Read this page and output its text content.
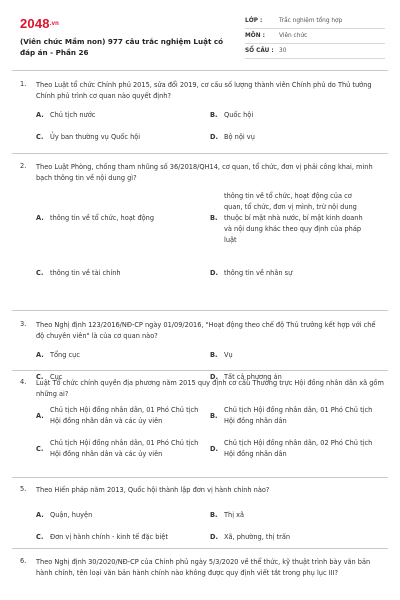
2048.vn
(Viên chức Mầm non) 977 câu trắc nghiệm Luật có đáp án - Phần 26
LỚP :	Trắc nghiệm tổng hợp
MÔN :	Viên chức
SỐ CÂU : 30
1. Theo Luật tổ chức Chính phủ 2015, sửa đổi 2019, cơ cấu số lượng thành viên Chính phủ do Thủ tướng Chính phủ trình cơ quan nào quyết định?
A. Chủ tịch nước	B. Quốc hội
C.	Ủy ban thường vụ Quốc hội	D. Bộ nội vụ
2. Theo Luật Phòng, chống tham nhũng số 36/2018/QH14, cơ quan, tổ chức, đơn vị phải công khai, minh bạch thông tin về nội dung gì?
A. thông tin về tổ chức, hoạt động	B.
thông tin về tổ chức, hoạt động của cơ quan, tổ chức, đơn vị mình, trừ nội dung thuộc bí mật nhà nước, bí mật kinh doanh và nội dung khác theo quy định của pháp luật
C.	thông tin về tài chính	D. thông tin về nhân sự
3. Theo Nghị định 123/2016/NĐ-CP ngày 01/09/2016, "Hoạt động theo chế độ Thủ trưởng kết hợp với chế độ chuyên viên" là của cơ quan nào?
A. Tổng cục	B. Vụ
C.	Cục	D. Tất cả phương án
4. Luật Tổ chức chính quyền địa phương năm 2015 quy định cơ cấu Thường trực Hội đồng nhân dân xã gồm những ai?
A.
Chủ tịch Hội đồng nhân dân, 01 Phó Chủ tịch Hội đồng nhân dân và các ủy viên
B.
Chủ tịch Hội đồng nhân dân, 01 Phó Chủ tịch Hội đồng nhân dân
C.
Chủ tịch Hội đồng nhân dân, 01 Phó Chủ tịch Hội đồng nhân dân và các ủy viên
D.
Chủ tịch Hội đồng nhân dân, 02 Phó Chủ tịch Hội đồng nhân dân
5. Theo Hiến pháp năm 2013, Quốc hội thành lập đơn vị hành chính nào?
A. Quận, huyện	B. Thị xã
C.	Đơn vị hành chính - kinh tế đặc biệt	D. Xã, phường, thị trấn
6. Theo Nghị định 30/2020/NĐ-CP của Chính phủ ngày 5/3/2020 về thể thức, kỹ thuật trình bày văn bản hành chính, tên loại văn bản hành chính nào không được quy định viết tắt trong phụ lục III?
